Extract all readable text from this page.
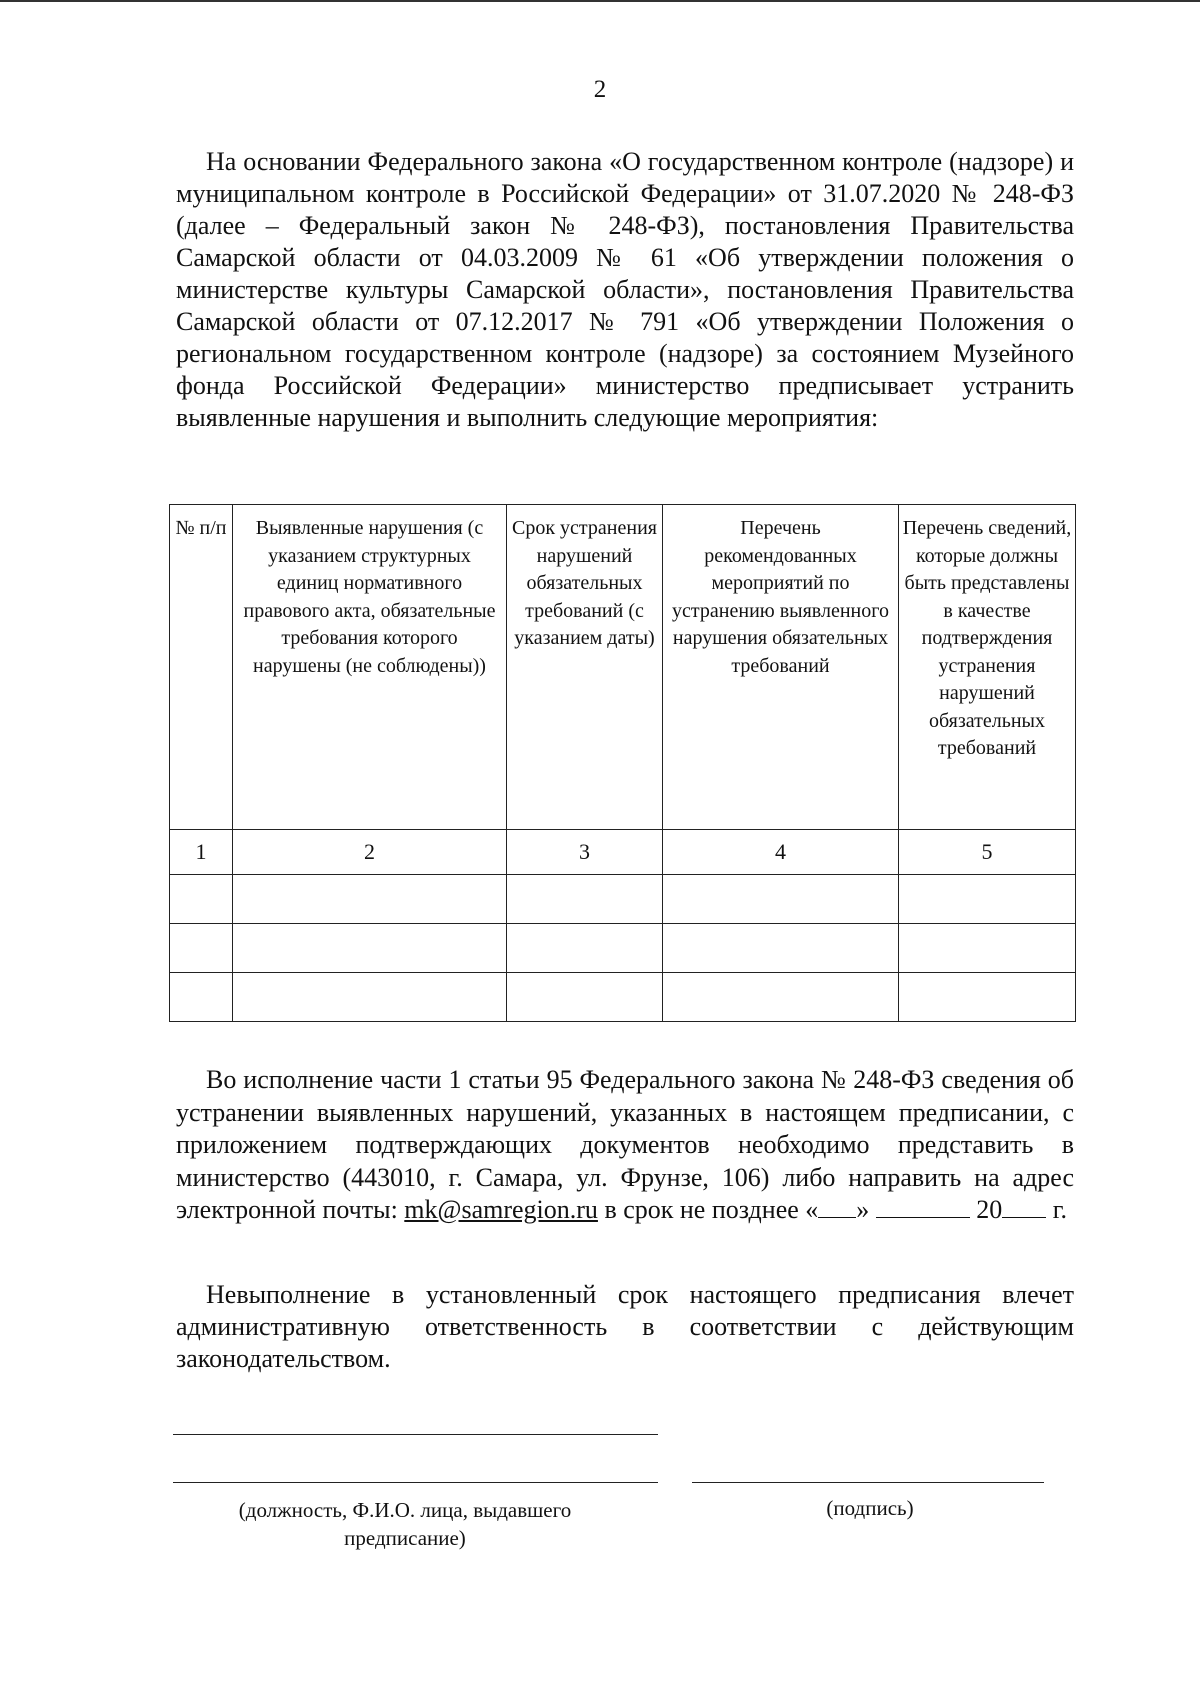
2

На основании Федерального закона «О государственном контроле (надзоре) и муниципальном контроле в Российской Федерации» от 31.07.2020 № 248-ФЗ (далее – Федеральный закон № 248-ФЗ), постановления Правительства Самарской области от 04.03.2009 № 61 «Об утверждении положения о министерстве культуры Самарской области», постановления Правительства Самарской области от 07.12.2017 № 791 «Об утверждении Положения о региональном государственном контроле (надзоре) за состоянием Музейного фонда Российской Федерации» министерство предписывает устранить выявленные нарушения и выполнить следующие мероприятия:

№ п/п	Выявленные нарушения (с указанием структурных единиц нормативного правового акта, обязательные требования которого нарушены (не соблюдены))	Срок устранения нарушений обязательных требований (с указанием даты)	Перечень рекомендованных мероприятий по устранению выявленного нарушения обязательных требований	Перечень сведений, которые должны быть представлены в качестве подтверждения устранения нарушений обязательных требований
1	2	3	4	5

Во исполнение части 1 статьи 95 Федерального закона № 248-ФЗ сведения об устранении выявленных нарушений, указанных в настоящем предписании, с приложением подтверждающих документов необходимо представить в министерство (443010, г. Самара, ул. Фрунзе, 106) либо направить на адрес электронной почты: mk@samregion.ru в срок не позднее « »	20 г.

Невыполнение в установленный срок настоящего предписания влечет административную ответственность в соответствии с действующим законодательством.

(должность, Ф.И.О. лица, выдавшего предписание)
(подпись)
